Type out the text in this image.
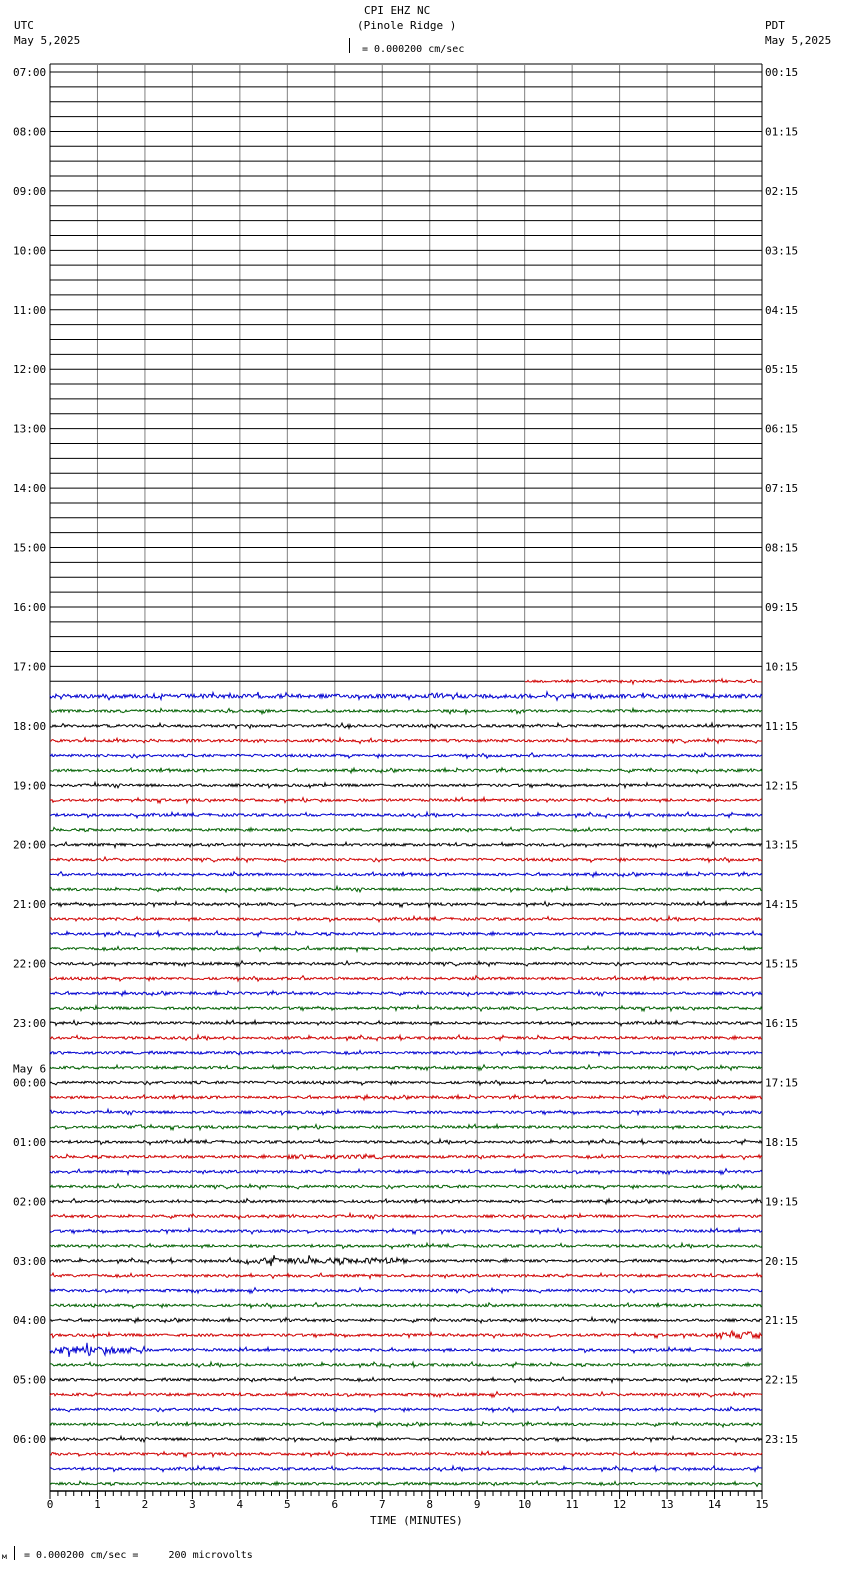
CPI EHZ NC
(Pinole Ridge )
UTC
May 5,2025
PDT
May 5,2025
= 0.000200 cm/sec
м = 0.000200 cm/sec =     200 microvolts
07:00	00:15
08:00	01:15
09:00	02:15
10:00	03:15
11:00	04:15
12:00	05:15
13:00	06:15
14:00	07:15
15:00	08:15
16:00	09:15
17:00	10:15
18:00	11:15
19:00	12:15
20:00	13:15
21:00	14:15
22:00	15:15
23:00	16:15
00:00	17:15
May 6
01:00	18:15
02:00	19:15
03:00	20:15
04:00	21:15
05:00	22:15
06:00	23:15
0	1	2	3	4	5	6	7	8	9	10	11	12	13	14	15
TIME (MINUTES)
